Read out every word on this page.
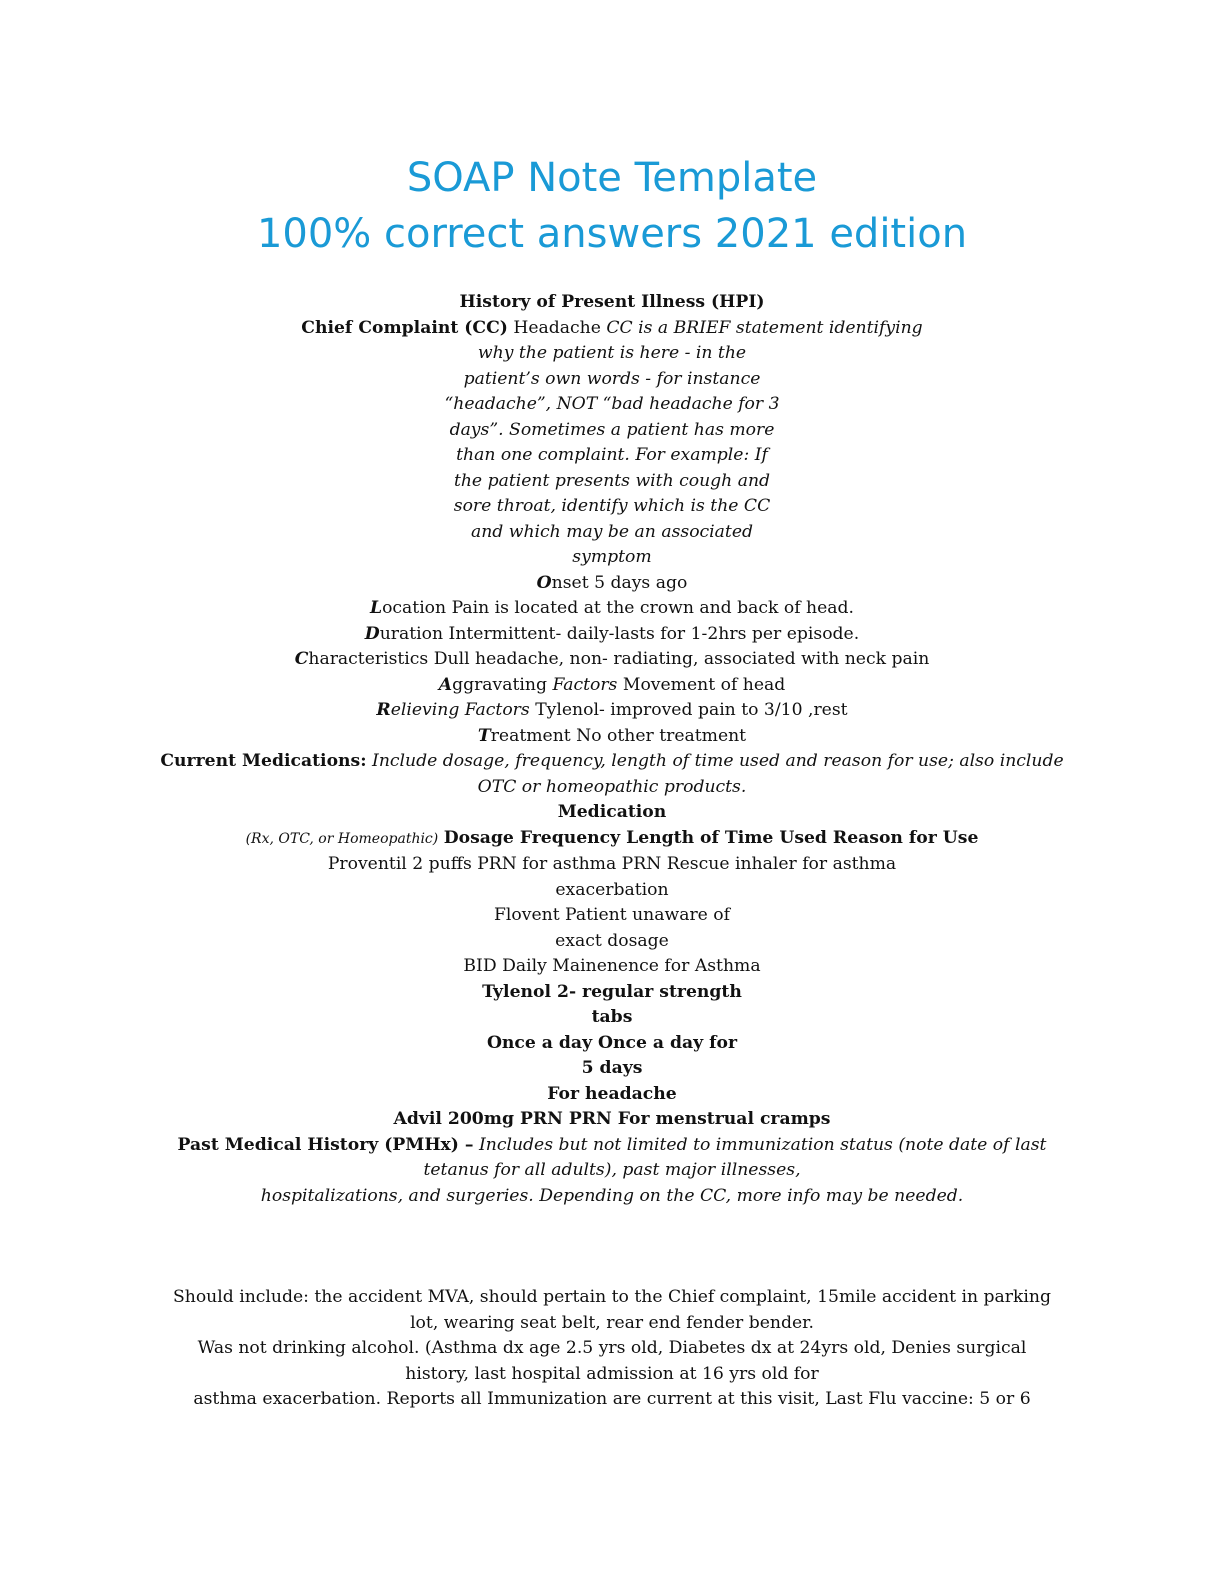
SOAP Note Template
100% correct answers 2021 edition
History of Present Illness (HPI)
Chief Complaint (CC) Headache CC is a BRIEF statement identifying
why the patient is here - in the
patient’s own words - for instance
“headache”, NOT “bad headache for 3
days”. Sometimes a patient has more
than one complaint. For example: If
the patient presents with cough and
sore throat, identify which is the CC
and which may be an associated
symptom
Onset 5 days ago
Location Pain is located at the crown and back of head.
Duration Intermittent- daily-lasts for 1-2hrs per episode.
Characteristics Dull headache, non- radiating, associated with neck pain
Aggravating Factors Movement of head
Relieving Factors Tylenol- improved pain to 3/10 ,rest
Treatment No other treatment
Current Medications: Include dosage, frequency, length of time used and reason for use; also include
OTC or homeopathic products.
Medication
(Rx, OTC, or Homeopathic) Dosage Frequency Length of Time Used Reason for Use
Proventil 2 puffs PRN for asthma PRN Rescue inhaler for asthma
exacerbation
Flovent Patient unaware of
exact dosage
BID Daily Mainenence for Asthma
Tylenol 2- regular strength
tabs
Once a day Once a day for
5 days
For headache
Advil 200mg PRN PRN For menstrual cramps
Past Medical History (PMHx) – Includes but not limited to immunization status (note date of last
tetanus for all adults), past major illnesses,
hospitalizations, and surgeries. Depending on the CC, more info may be needed.
Should include: the accident MVA, should pertain to the Chief complaint, 15mile accident in parking
lot, wearing seat belt, rear end fender bender.
Was not drinking alcohol. (Asthma dx age 2.5 yrs old, Diabetes dx at 24yrs old, Denies surgical
history, last hospital admission at 16 yrs old for
asthma exacerbation. Reports all Immunization are current at this visit, Last Flu vaccine: 5 or 6
